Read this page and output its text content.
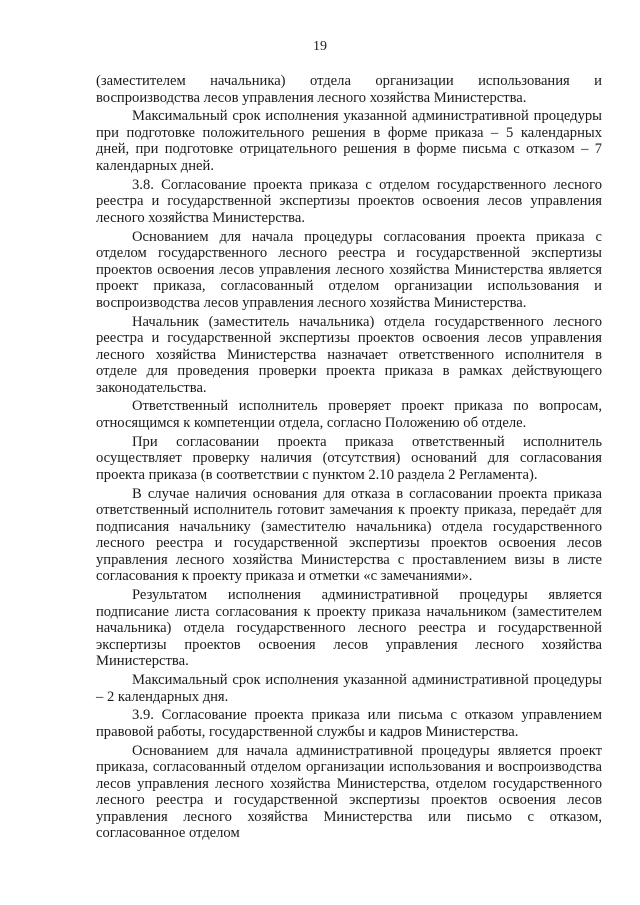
19

(заместителем начальника) отдела организации использования и воспроизводства лесов управления лесного хозяйства Министерства.

Максимальный срок исполнения указанной административной процедуры при подготовке положительного решения в форме приказа – 5 календарных дней, при подготовке отрицательного решения в форме письма с отказом – 7 календарных дней.

3.8. Согласование проекта приказа с отделом государственного лесного реестра и государственной экспертизы проектов освоения лесов управления лесного хозяйства Министерства.

Основанием для начала процедуры согласования проекта приказа с отделом государственного лесного реестра и государственной экспертизы проектов освоения лесов управления лесного хозяйства Министерства является проект приказа, согласованный отделом организации использования и воспроизводства лесов управления лесного хозяйства Министерства.

Начальник (заместитель начальника) отдела государственного лесного реестра и государственной экспертизы проектов освоения лесов управления лесного хозяйства Министерства назначает ответственного исполнителя в отделе для проведения проверки проекта приказа в рамках действующего законодательства.

Ответственный исполнитель проверяет проект приказа по вопросам, относящимся к компетенции отдела, согласно Положению об отделе.

При согласовании проекта приказа ответственный исполнитель осуществляет проверку наличия (отсутствия) оснований для согласования проекта приказа (в соответствии с пунктом 2.10 раздела 2 Регламента).

В случае наличия основания для отказа в согласовании проекта приказа ответственный исполнитель готовит замечания к проекту приказа, передаёт для подписания начальнику (заместителю начальника) отдела государственного лесного реестра и государственной экспертизы проектов освоения лесов управления лесного хозяйства Министерства с проставлением визы в листе согласования к проекту приказа и отметки «с замечаниями».

Результатом исполнения административной процедуры является подписание листа согласования к проекту приказа начальником (заместителем начальника) отдела государственного лесного реестра и государственной экспертизы проектов освоения лесов управления лесного хозяйства Министерства.

Максимальный срок исполнения указанной административной процедуры – 2 календарных дня.

3.9. Согласование проекта приказа или письма с отказом управлением правовой работы, государственной службы и кадров Министерства.

Основанием для начала административной процедуры является проект приказа, согласованный отделом организации использования и воспроизводства лесов управления лесного хозяйства Министерства, отделом государственного лесного реестра и государственной экспертизы проектов освоения лесов управления лесного хозяйства Министерства или письмо с отказом, согласованное отделом
